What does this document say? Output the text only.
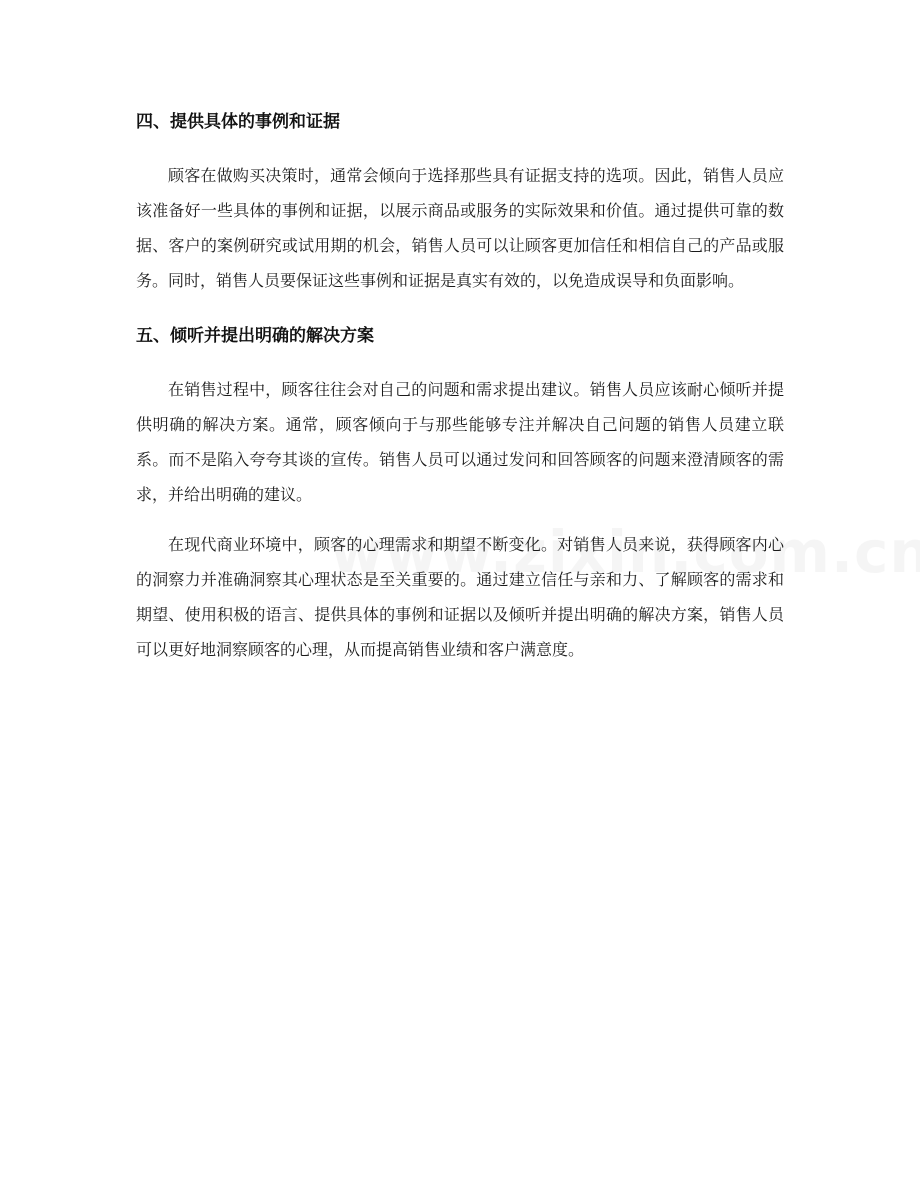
四、提供具体的事例和证据

顾客在做购买决策时，通常会倾向于选择那些具有证据支持的选项。因此，销售人员应该准备好一些具体的事例和证据，以展示商品或服务的实际效果和价值。通过提供可靠的数据、客户的案例研究或试用期的机会，销售人员可以让顾客更加信任和相信自己的产品或服务。同时，销售人员要保证这些事例和证据是真实有效的，以免造成误导和负面影响。

五、倾听并提出明确的解决方案

在销售过程中，顾客往往会对自己的问题和需求提出建议。销售人员应该耐心倾听并提供明确的解决方案。通常，顾客倾向于与那些能够专注并解决自己问题的销售人员建立联系。而不是陷入夸夸其谈的宣传。销售人员可以通过发问和回答顾客的问题来澄清顾客的需求，并给出明确的建议。

在现代商业环境中，顾客的心理需求和期望不断变化。对销售人员来说，获得顾客内心的洞察力并准确洞察其心理状态是至关重要的。通过建立信任与亲和力、了解顾客的需求和期望、使用积极的语言、提供具体的事例和证据以及倾听并提出明确的解决方案，销售人员可以更好地洞察顾客的心理，从而提高销售业绩和客户满意度。
